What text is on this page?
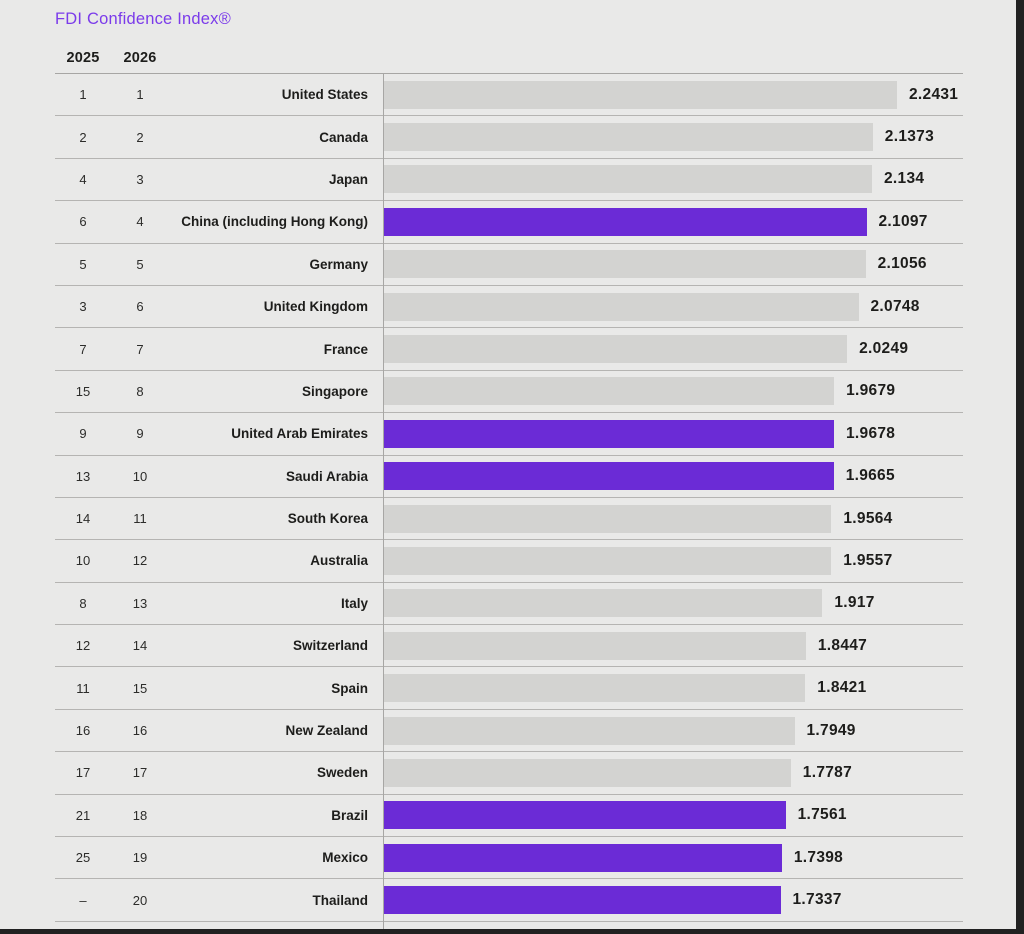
FDI Confidence Index®
2025	2026
1	1	United States	2.2431
2	2	Canada	2.1373
4	3	Japan	2.134
6	4	China (including Hong Kong)	2.1097
5	5	Germany	2.1056
3	6	United Kingdom	2.0748
7	7	France	2.0249
15	8	Singapore	1.9679
9	9	United Arab Emirates	1.9678
13	10	Saudi Arabia	1.9665
14	11	South Korea	1.9564
10	12	Australia	1.9557
8	13	Italy	1.917
12	14	Switzerland	1.8447
11	15	Spain	1.8421
16	16	New Zealand	1.7949
17	17	Sweden	1.7787
21	18	Brazil	1.7561
25	19	Mexico	1.7398
–	20	Thailand	1.7337
